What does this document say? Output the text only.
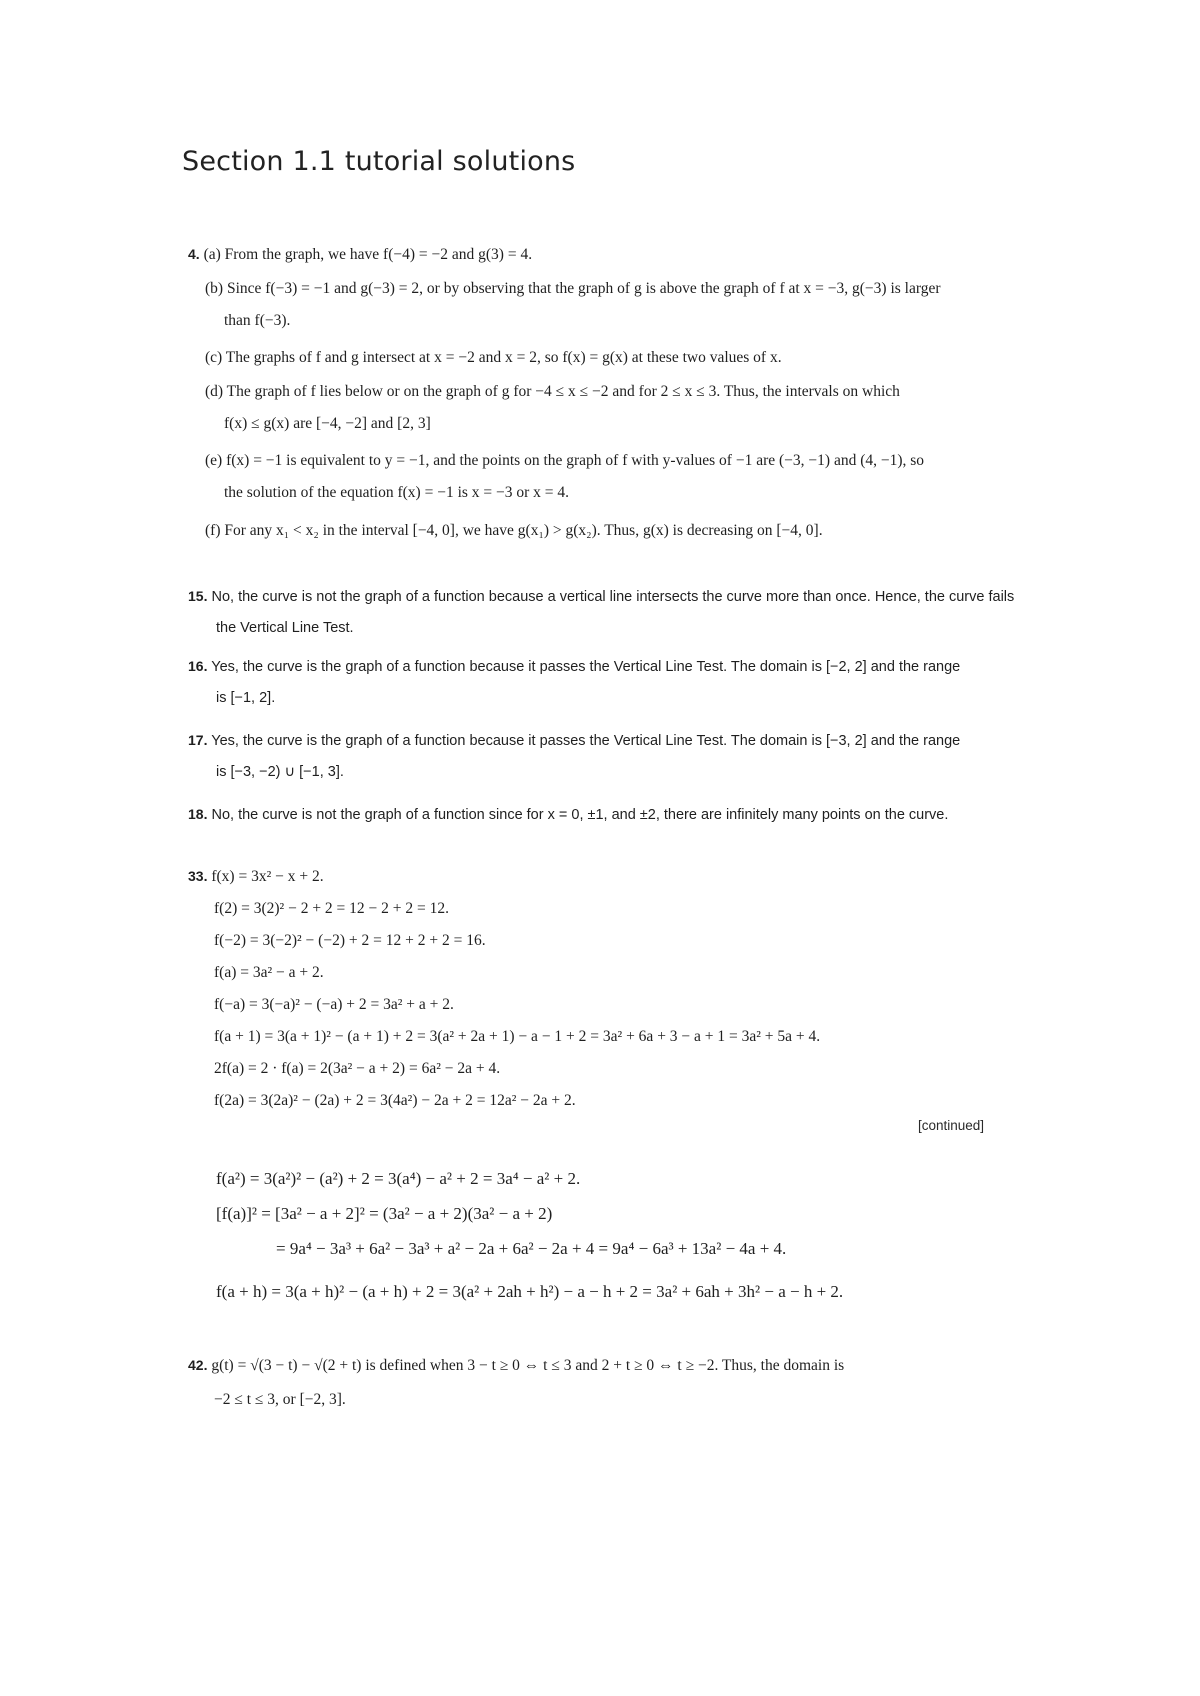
Section 1.1 tutorial solutions
4. (a) From the graph, we have f(−4) = −2 and g(3) = 4.
(b) Since f(−3) = −1 and g(−3) = 2, or by observing that the graph of g is above the graph of f at x = −3, g(−3) is larger
than f(−3).
(c) The graphs of f and g intersect at x = −2 and x = 2, so f(x) = g(x) at these two values of x.
(d) The graph of f lies below or on the graph of g for −4 ≤ x ≤ −2 and for 2 ≤ x ≤ 3. Thus, the intervals on which
f(x) ≤ g(x) are [−4, −2] and [2, 3]
(e) f(x) = −1 is equivalent to y = −1, and the points on the graph of f with y-values of −1 are (−3, −1) and (4, −1), so
the solution of the equation f(x) = −1 is x = −3 or x = 4.
(f) For any x₁ < x₂ in the interval [−4, 0], we have g(x₁) > g(x₂). Thus, g(x) is decreasing on [−4, 0].
15. No, the curve is not the graph of a function because a vertical line intersects the curve more than once. Hence, the curve fails
the Vertical Line Test.
16. Yes, the curve is the graph of a function because it passes the Vertical Line Test. The domain is [−2, 2] and the range
is [−1, 2].
17. Yes, the curve is the graph of a function because it passes the Vertical Line Test. The domain is [−3, 2] and the range
is [−3, −2) ∪ [−1, 3].
18. No, the curve is not the graph of a function since for x = 0, ±1, and ±2, there are infinitely many points on the curve.
33. f(x) = 3x² − x + 2.
f(2) = 3(2)² − 2 + 2 = 12 − 2 + 2 = 12.
f(−2) = 3(−2)² − (−2) + 2 = 12 + 2 + 2 = 16.
f(a) = 3a² − a + 2.
f(−a) = 3(−a)² − (−a) + 2 = 3a² + a + 2.
f(a + 1) = 3(a + 1)² − (a + 1) + 2 = 3(a² + 2a + 1) − a − 1 + 2 = 3a² + 6a + 3 − a + 1 = 3a² + 5a + 4.
2f(a) = 2 · f(a) = 2(3a² − a + 2) = 6a² − 2a + 4.
f(2a) = 3(2a)² − (2a) + 2 = 3(4a²) − 2a + 2 = 12a² − 2a + 2.
[continued]
f(a²) = 3(a²)² − (a²) + 2 = 3(a⁴) − a² + 2 = 3a⁴ − a² + 2.
[f(a)]² = [3a² − a + 2]² = (3a² − a + 2)(3a² − a + 2)
= 9a⁴ − 3a³ + 6a² − 3a³ + a² − 2a + 6a² − 2a + 4 = 9a⁴ − 6a³ + 13a² − 4a + 4.
f(a + h) = 3(a + h)² − (a + h) + 2 = 3(a² + 2ah + h²) − a − h + 2 = 3a² + 6ah + 3h² − a − h + 2.
42. g(t) = √(3 − t) − √(2 + t) is defined when 3 − t ≥ 0 ⇔ t ≤ 3 and 2 + t ≥ 0 ⇔ t ≥ −2. Thus, the domain is
−2 ≤ t ≤ 3, or [−2, 3].
